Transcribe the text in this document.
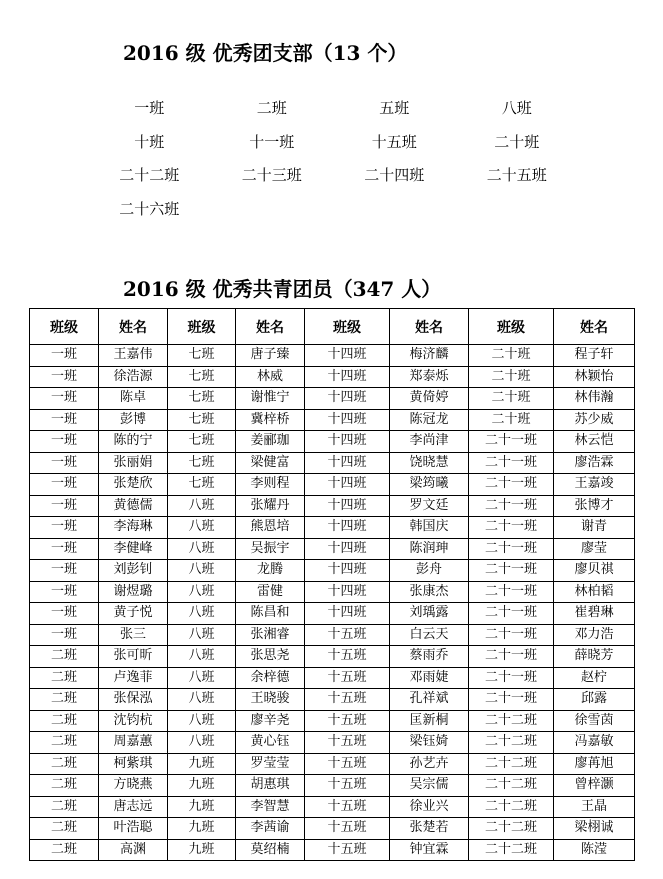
2016 级 优秀团支部（13 个）
一班	二班	五班	八班
十班	十一班	十五班	二十班
二十二班	二十三班	二十四班	二十五班
二十六班
2016 级 优秀共青团员（347 人）
班级	姓名	班级	姓名	班级	姓名	班级	姓名
一班	王嘉伟	七班	唐子臻	十四班	梅济麟	二十班	程子轩
一班	徐浩源	七班	林威	十四班	郑泰烁	二十班	林颖怡
一班	陈卓	七班	谢惟宁	十四班	黄倚婷	二十班	林伟瀚
一班	彭博	七班	冀梓桥	十四班	陈冠龙	二十班	苏少威
一班	陈的宁	七班	姜郦珈	十四班	李尚津	二十一班	林云恺
一班	张丽娟	七班	梁健富	十四班	饶晓慧	二十一班	廖浩霖
一班	张楚欣	七班	李则程	十四班	梁筠曦	二十一班	王嘉竣
一班	黄德儒	八班	张耀丹	十四班	罗文廷	二十一班	张博才
一班	李海琳	八班	熊恩培	十四班	韩国庆	二十一班	谢青
一班	李健峰	八班	吴振宇	十四班	陈润珅	二十一班	廖莹
一班	刘彭钊	八班	龙腾	十四班	彭舟	二十一班	廖贝祺
一班	谢煜璐	八班	雷健	十四班	张康杰	二十一班	林柏韬
一班	黄子悦	八班	陈昌和	十四班	刘瑀露	二十一班	崔碧琳
一班	张三	八班	张湘睿	十五班	白云天	二十一班	邓力浩
二班	张可昕	八班	张思尧	十五班	蔡雨乔	二十一班	薛晓芳
二班	卢逸菲	八班	余梓德	十五班	邓雨婕	二十一班	赵柠
二班	张保泓	八班	王晓骏	十五班	孔祥斌	二十一班	邱露
二班	沈钧杭	八班	廖辛尧	十五班	匡新桐	二十二班	徐雪茵
二班	周嘉蕙	八班	黄心钰	十五班	梁钰婍	二十二班	冯嘉敏
二班	柯紫琪	九班	罗莹莹	十五班	孙艺卉	二十二班	廖苒旭
二班	方晓燕	九班	胡惠琪	十五班	吴宗儒	二十二班	曾梓灏
二班	唐志远	九班	李智慧	十五班	徐业兴	二十二班	王晶
二班	叶浩聪	九班	李茜谕	十五班	张楚若	二十二班	梁栩诚
二班	高渊	九班	莫绍楠	十五班	钟宜霖	二十二班	陈滢
